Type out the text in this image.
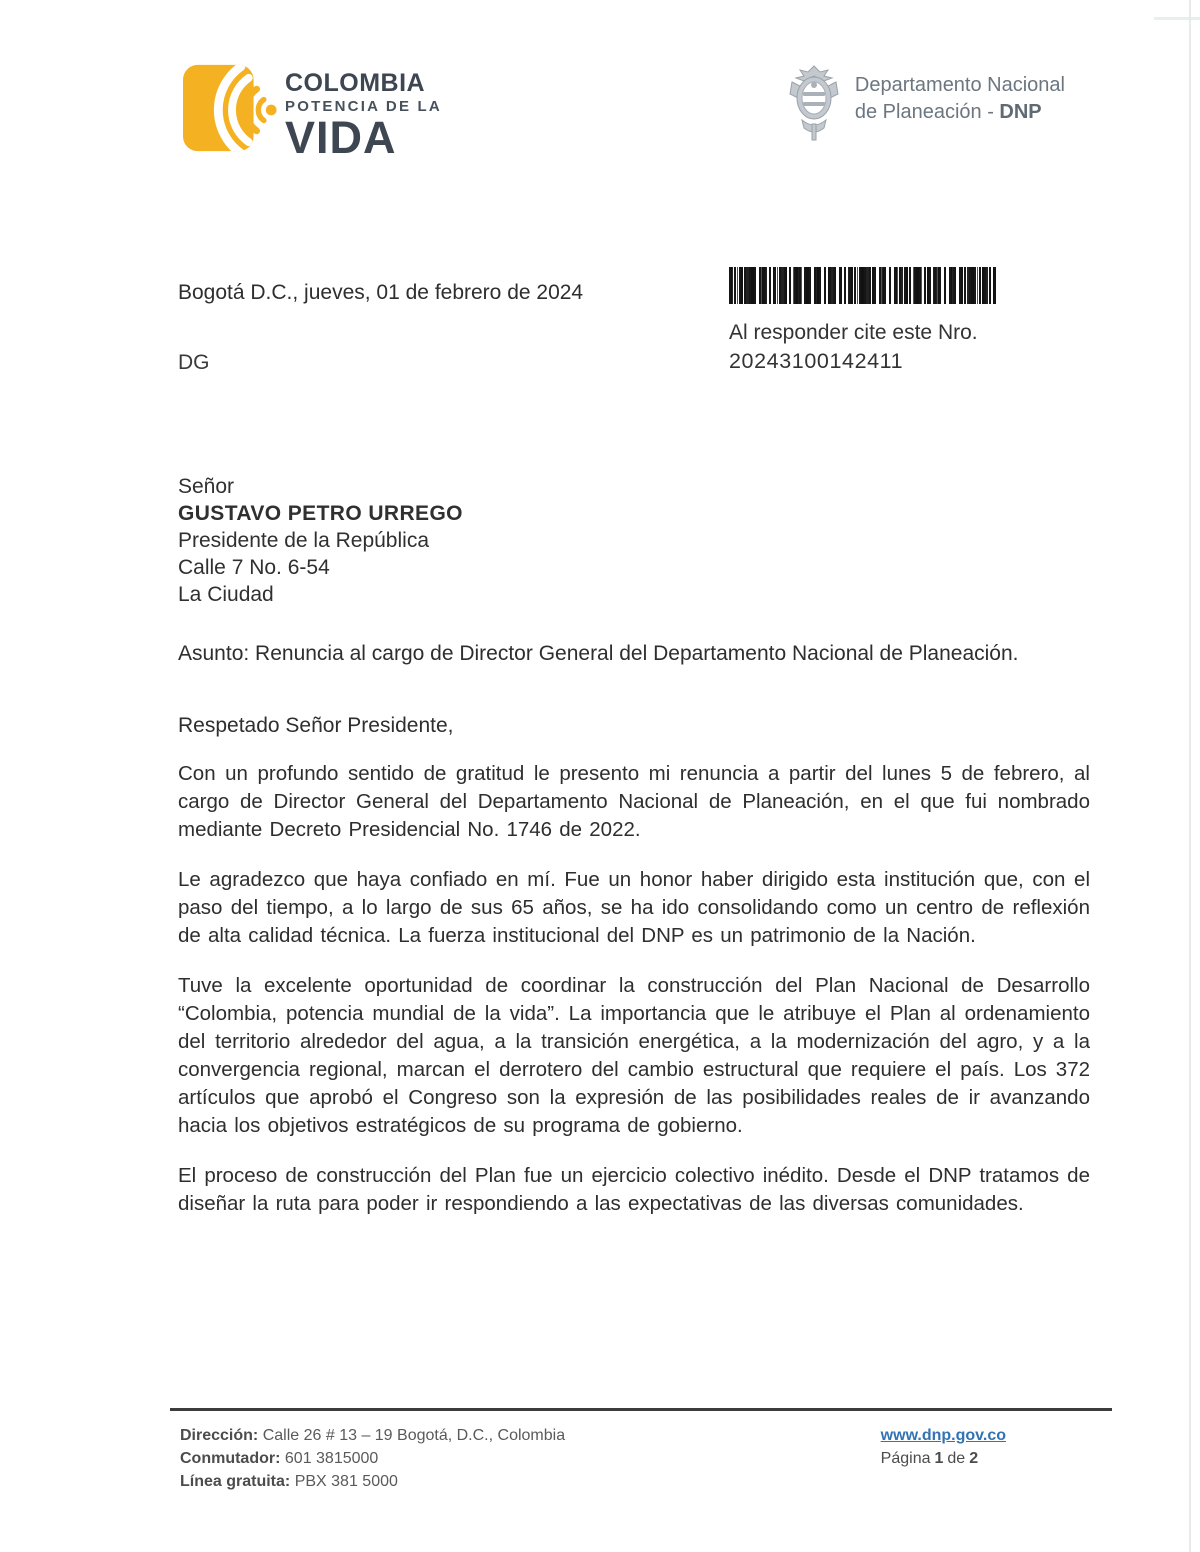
COLOMBIA
POTENCIA DE LA
VIDA
Departamento Nacional
de Planeación - DNP
Bogotá D.C., jueves, 01 de febrero de 2024
DG
Al responder cite este Nro.
20243100142411
Señor
GUSTAVO PETRO URREGO
Presidente de la República
Calle 7 No. 6-54
La Ciudad
Asunto: Renuncia al cargo de Director General del Departamento Nacional de Planeación.
Respetado Señor Presidente,

Con un profundo sentido de gratitud le presento mi renuncia a partir del lunes 5 de febrero, al cargo de Director General del Departamento Nacional de Planeación, en el que fui nombrado mediante Decreto Presidencial No. 1746 de 2022.

Le agradezco que haya confiado en mí. Fue un honor haber dirigido esta institución que, con el paso del tiempo, a lo largo de sus 65 años, se ha ido consolidando como un centro de reflexión de alta calidad técnica. La fuerza institucional del DNP es un patrimonio de la Nación.

Tuve la excelente oportunidad de coordinar la construcción del Plan Nacional de Desarrollo “Colombia, potencia mundial de la vida”. La importancia que le atribuye el Plan al ordenamiento del territorio alrededor del agua, a la transición energética, a la modernización del agro, y a la convergencia regional, marcan el derrotero del cambio estructural que requiere el país. Los 372 artículos que aprobó el Congreso son la expresión de las posibilidades reales de ir avanzando hacia los objetivos estratégicos de su programa de gobierno.

El proceso de construcción del Plan fue un ejercicio colectivo inédito. Desde el DNP tratamos de diseñar la ruta para poder ir respondiendo a las expectativas de las diversas comunidades.

Dirección: Calle 26 # 13 – 19 Bogotá, D.C., Colombia
Conmutador: 601 3815000
Línea gratuita: PBX 381 5000
www.dnp.gov.co
Página 1 de 2
